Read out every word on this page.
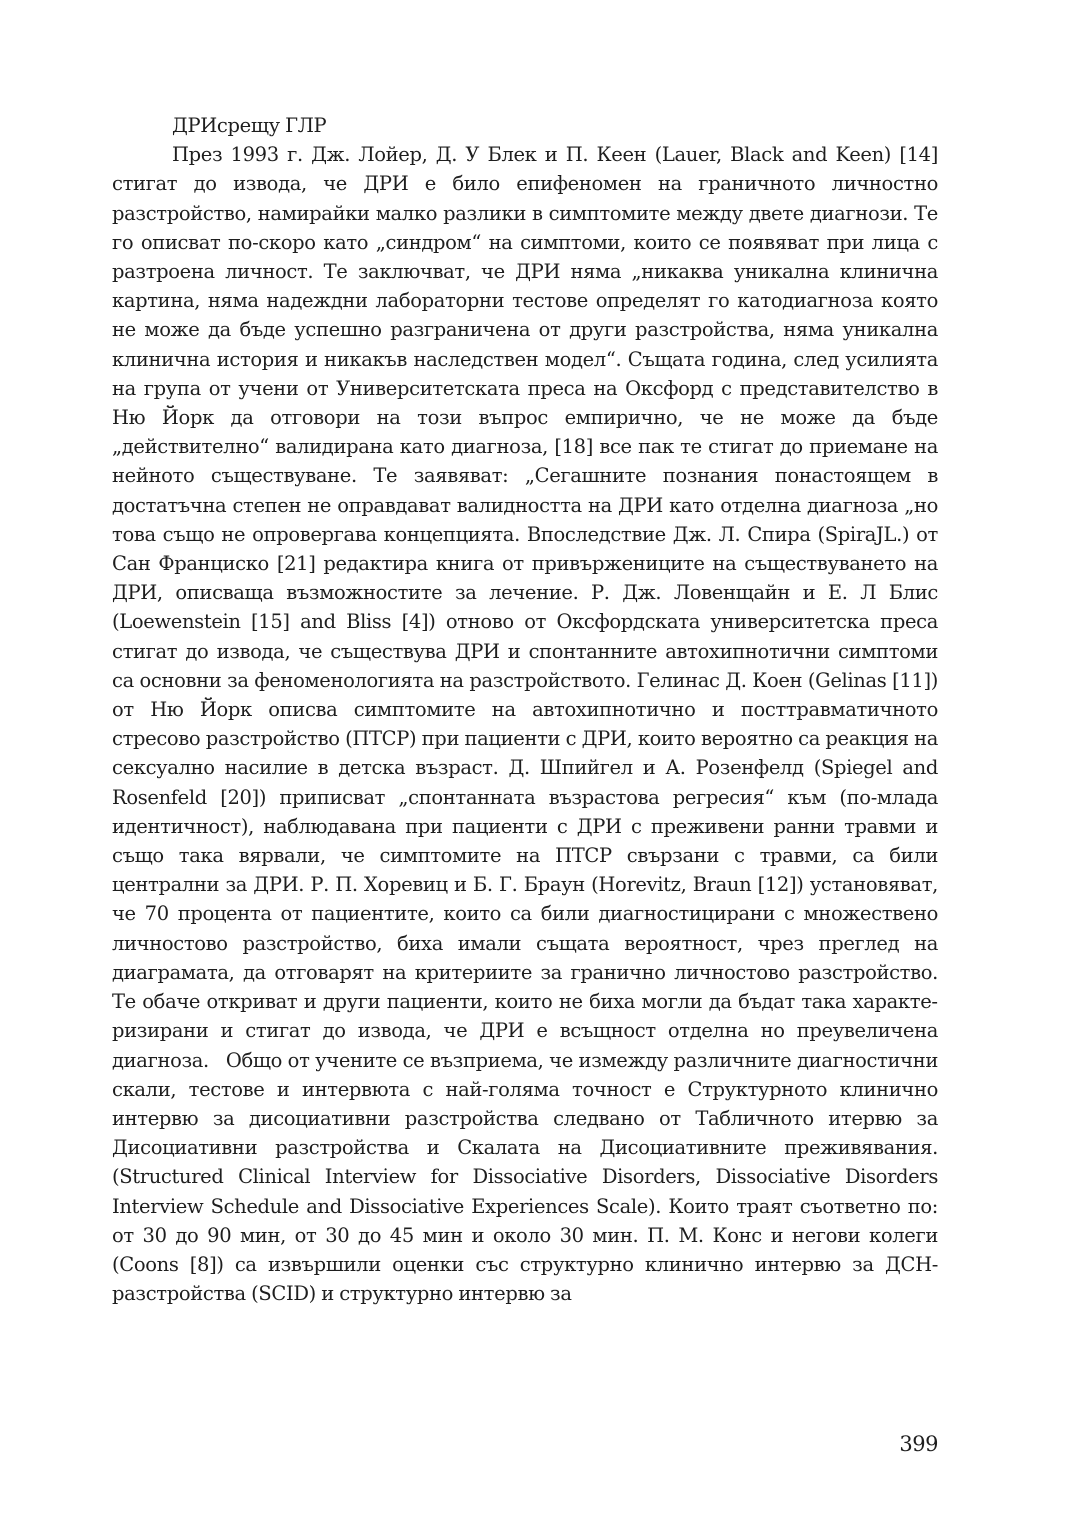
ДРИсрещу ГЛР

През 1993 г. Дж. Лойер, Д. У Блек и П. Кеен (Lauer, Black and Keen) [14] стигат до извода, че ДРИ е било епифеномен на граничното личностно разстройство, намирайки малко разлики в симптомите между двете диагнози. Те го описват по-скоро като „синдром“ на симптоми, които се появяват при лица с разтроена личност. Те заключват, че ДРИ няма „никаква уникална клинична картина, няма надеждни лабораторни тестове определят го катодиагноза която не може да бъде успешно разграничена от други разстройства, няма уникална клинична история и никакъв наследствен модел“. Същата година, след усилията на група от учени от Университетската преса на Оксфорд с представителство в Ню Йорк да отговори на този въпрос емпирично, че не може да бъде „действително“ валидирана като диагноза, [18] все пак те стигат до приемане на нейното съществуване. Те заявяват: „Сегашните познания понастоящем в достатъчна степен не оправдават валидността на ДРИ като отделна диагноза „но това също не опровергава концепцията. Впоследствие Дж. Л. Спира (SpiraJL.) от Сан Франциско [21] редактира книга от привържениците на съществуването на ДРИ, описваща възможностите за лечение. Р. Дж. Ловенщайн и Е. Л Блис (Loewenstein [15] and Bliss [4]) отново от Оксфордската университетска преса стигат до извода, че съществува ДРИ и спонтанните автохипнотични симптоми са основни за феноменологията на разстройството. Гелинас Д. Коен (Gelinas [11]) от Ню Йорк описва симптомите на автохипнотично и посттравматичното стресово разстройство (ПТСР) при пациенти с ДРИ, които вероятно са реакция на сексуално насилие в детска възраст. Д. Шпийгел и А. Розенфелд (Spiegel and Rosenfeld [20]) приписват „спонтанната възрастова регресия“ към (по-млада идентичност), наблюдавана при пациенти с ДРИ с преживени ранни травми и също така вярвали, че симптомите на ПТСР свързани с травми, са били централни за ДРИ. Р. П. Хоревиц и Б. Г. Браун (Horevitz, Braun [12]) установяват, че 70 процента от пациентите, които са били диагностицирани с множествено личностово разстройство, биха имали същата вероятност, чрез преглед на диаграмата, да отговарят на критериите за гранично личностово разстройство. Те обаче откриват и други пациенти, които не биха могли да бъдат така характеризирани и стигат до извода, че ДРИ е всъщност отделна но преувеличена диагноза.   Общо от учените се възприема, че измежду различните диагностични скали, тестове и интервюта с най-голяма точност е Структурното клинично интервю за дисоциативни разстройства следвано от Табличното итервю за Дисоциативни разстройства и Скалата на Дисоциативните преживявания. (Structured Clinical Interview for Dissociative Disorders, Dissociative Disorders Interview Schedule and Dissociative Experiences Scale). Които траят съответно по: от 30 до 90 мин, от 30 до 45 мин и около 30 мин. П. М. Конс и негови колеги (Coons [8]) са извършили оценки със структурно клинично интервю за ДСН-разстройства (SCID) и структурно интервю за

399
